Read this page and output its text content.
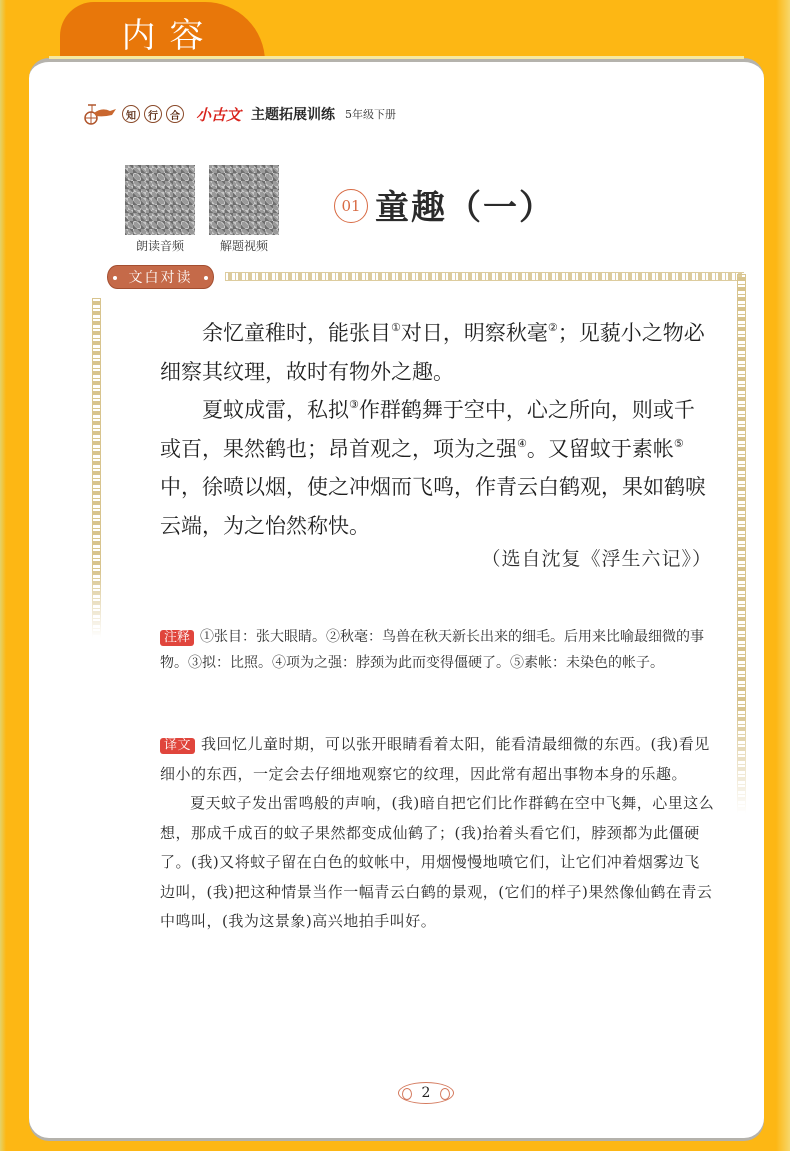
内容
知	行	合 小古文 主题拓展训练 5年级下册
朗读音频	解题视频
01 童趣（一）
文白对读

余忆童稚时，能张目①对日，明察秋毫②；见藐小之物必细察其纹理，故时有物外之趣。

夏蚊成雷，私拟③作群鹤舞于空中，心之所向，则或千或百，果然鹤也；昂首观之，项为之强④。又留蚊于素帐⑤中，徐喷以烟，使之冲烟而飞鸣，作青云白鹤观，果如鹤唳云端，为之怡然称快。

（选自沈复《浮生六记》）
注释 ①张目：张大眼睛。②秋毫：鸟兽在秋天新长出来的细毛。后用来比喻最细微的事物。③拟：比照。④项为之强：脖颈为此而变得僵硬了。⑤素帐：未染色的帐子。

译文 我回忆儿童时期，可以张开眼睛看着太阳，能看清最细微的东西。(我)看见细小的东西，一定会去仔细地观察它的纹理，因此常有超出事物本身的乐趣。

夏天蚊子发出雷鸣般的声响，(我)暗自把它们比作群鹤在空中飞舞，心里这么想，那成千成百的蚊子果然都变成仙鹤了；(我)抬着头看它们，脖颈都为此僵硬了。(我)又将蚊子留在白色的蚊帐中，用烟慢慢地喷它们，让它们冲着烟雾边飞边叫，(我)把这种情景当作一幅青云白鹤的景观，(它们的样子)果然像仙鹤在青云中鸣叫，(我为这景象)高兴地拍手叫好。

2
